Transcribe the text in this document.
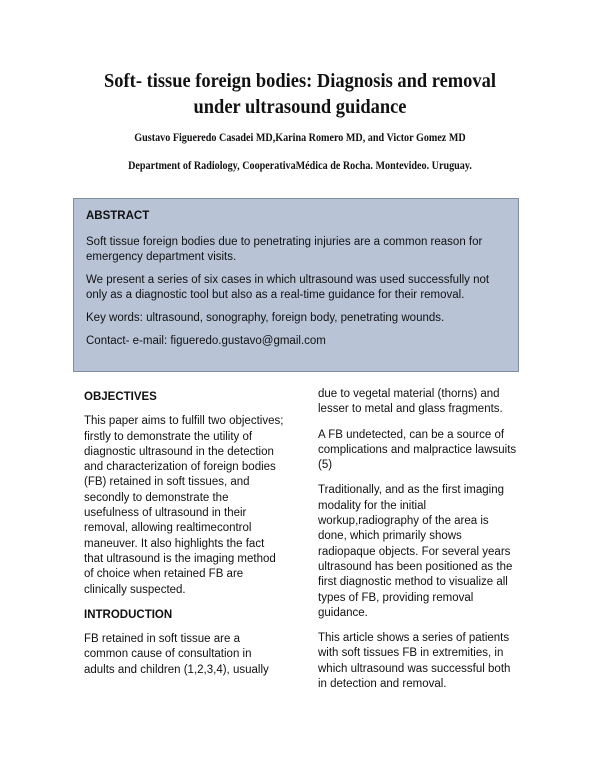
Soft- tissue foreign bodies: Diagnosis and removal under ultrasound guidance

Gustavo Figueredo Casadei MD,Karina Romero MD, and Victor Gomez MD

Department of Radiology, CooperativaMédica de Rocha. Montevideo. Uruguay.

ABSTRACT

Soft tissue foreign bodies due to penetrating injuries are a common reason for emergency department visits.

We present a series of six cases in which ultrasound was used successfully not only as a diagnostic tool but also as a real-time guidance for their removal.

Key words: ultrasound, sonography, foreign body, penetrating wounds.

Contact- e-mail: figueredo.gustavo@gmail.com

OBJECTIVES

This paper aims to fulfill two objectives; firstly to demonstrate the utility of diagnostic ultrasound in the detection and characterization of foreign bodies (FB) retained in soft tissues, and secondly to demonstrate the usefulness of ultrasound in their removal, allowing realtimecontrol maneuver. It also highlights the fact that ultrasound is the imaging method of choice when retained FB are clinically suspected.

INTRODUCTION

FB retained in soft tissue are a common cause of consultation in adults and children (1,2,3,4), usually

due to vegetal material (thorns) and lesser to metal and glass fragments.

A FB undetected, can be a source of complications and malpractice lawsuits (5)

Traditionally, and as the first imaging modality for the initial workup,radiography of the area is done, which primarily shows radiopaque objects. For several years ultrasound has been positioned as the first diagnostic method to visualize all types of FB, providing removal guidance.

This article shows a series of patients with soft tissues FB in extremities, in which ultrasound was successful both in detection and removal.
